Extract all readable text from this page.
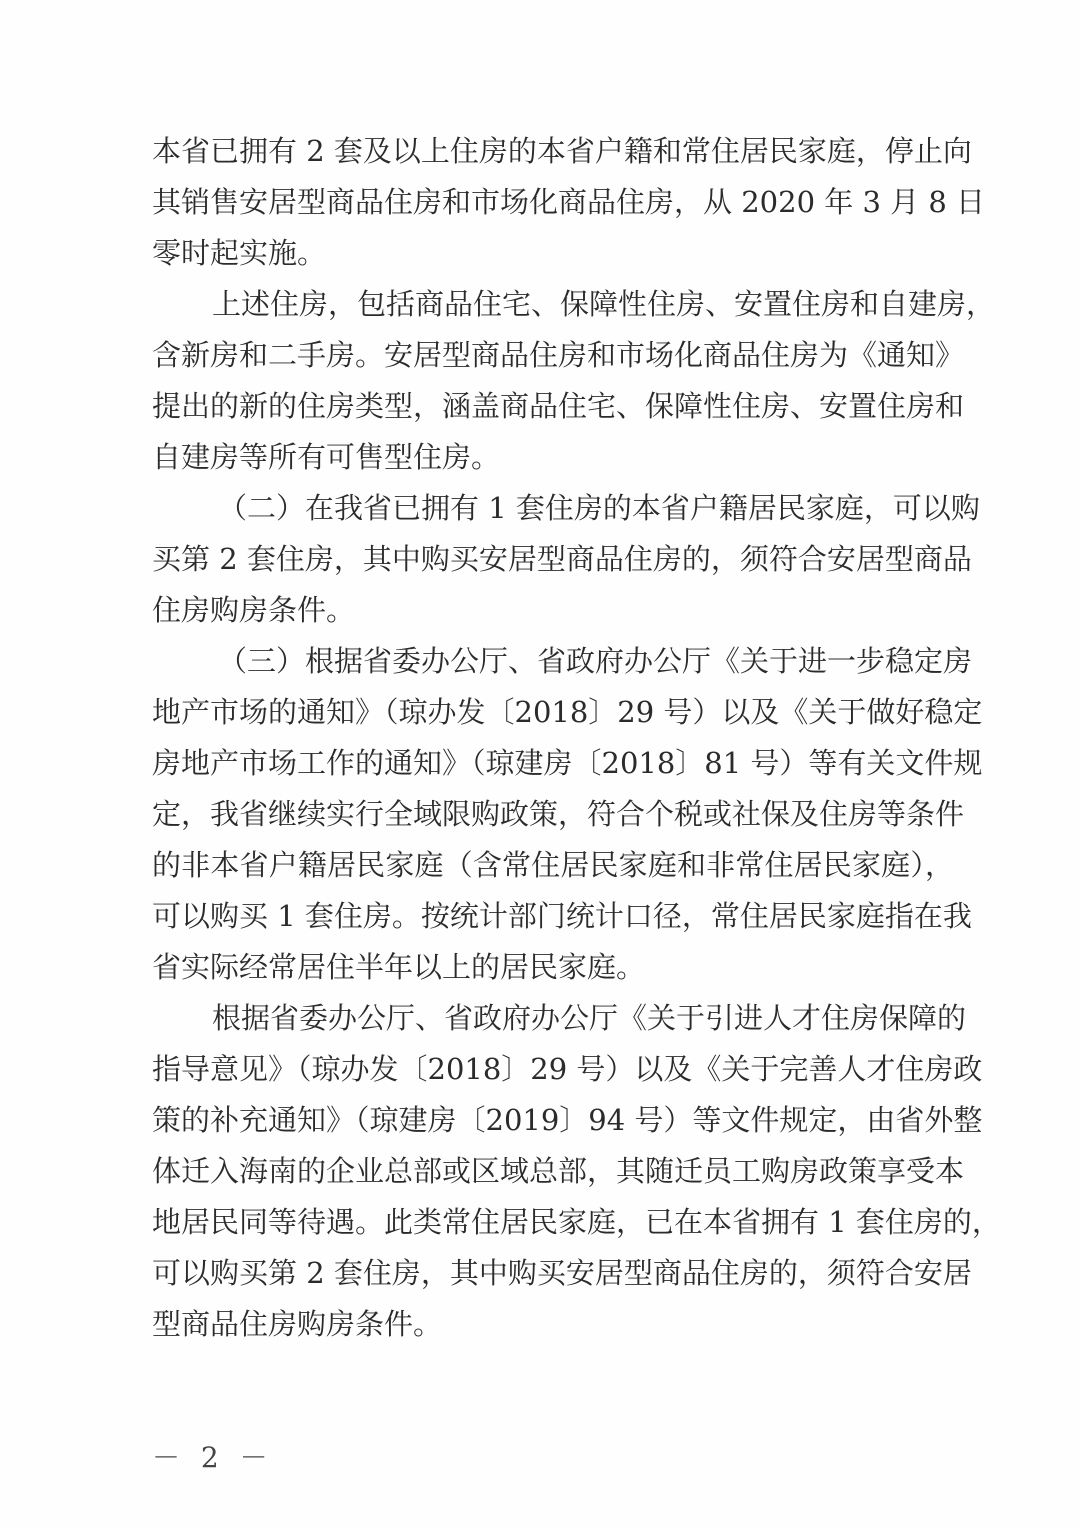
本省已拥有 2 套及以上住房的本省户籍和常住居民家庭，停止向
其销售安居型商品住房和市场化商品住房，从 2020 年 3 月 8 日
零时起实施。
上述住房，包括商品住宅、保障性住房、安置住房和自建房，
含新房和二手房。安居型商品住房和市场化商品住房为《通知》
提出的新的住房类型，涵盖商品住宅、保障性住房、安置住房和
自建房等所有可售型住房。
（二）在我省已拥有 1 套住房的本省户籍居民家庭，可以购
买第 2 套住房，其中购买安居型商品住房的，须符合安居型商品
住房购房条件。
（三）根据省委办公厅、省政府办公厅《关于进一步稳定房
地产市场的通知》（琼办发〔2018〕29 号）以及《关于做好稳定
房地产市场工作的通知》（琼建房〔2018〕81 号）等有关文件规
定，我省继续实行全域限购政策，符合个税或社保及住房等条件
的非本省户籍居民家庭（含常住居民家庭和非常住居民家庭），
可以购买 1 套住房。按统计部门统计口径，常住居民家庭指在我
省实际经常居住半年以上的居民家庭。
根据省委办公厅、省政府办公厅《关于引进人才住房保障的
指导意见》（琼办发〔2018〕29 号）以及《关于完善人才住房政
策的补充通知》（琼建房〔2019〕94 号）等文件规定，由省外整
体迁入海南的企业总部或区域总部，其随迁员工购房政策享受本
地居民同等待遇。此类常住居民家庭，已在本省拥有 1 套住房的，
可以购买第 2 套住房，其中购买安居型商品住房的，须符合安居
型商品住房购房条件。
－ 2 －
